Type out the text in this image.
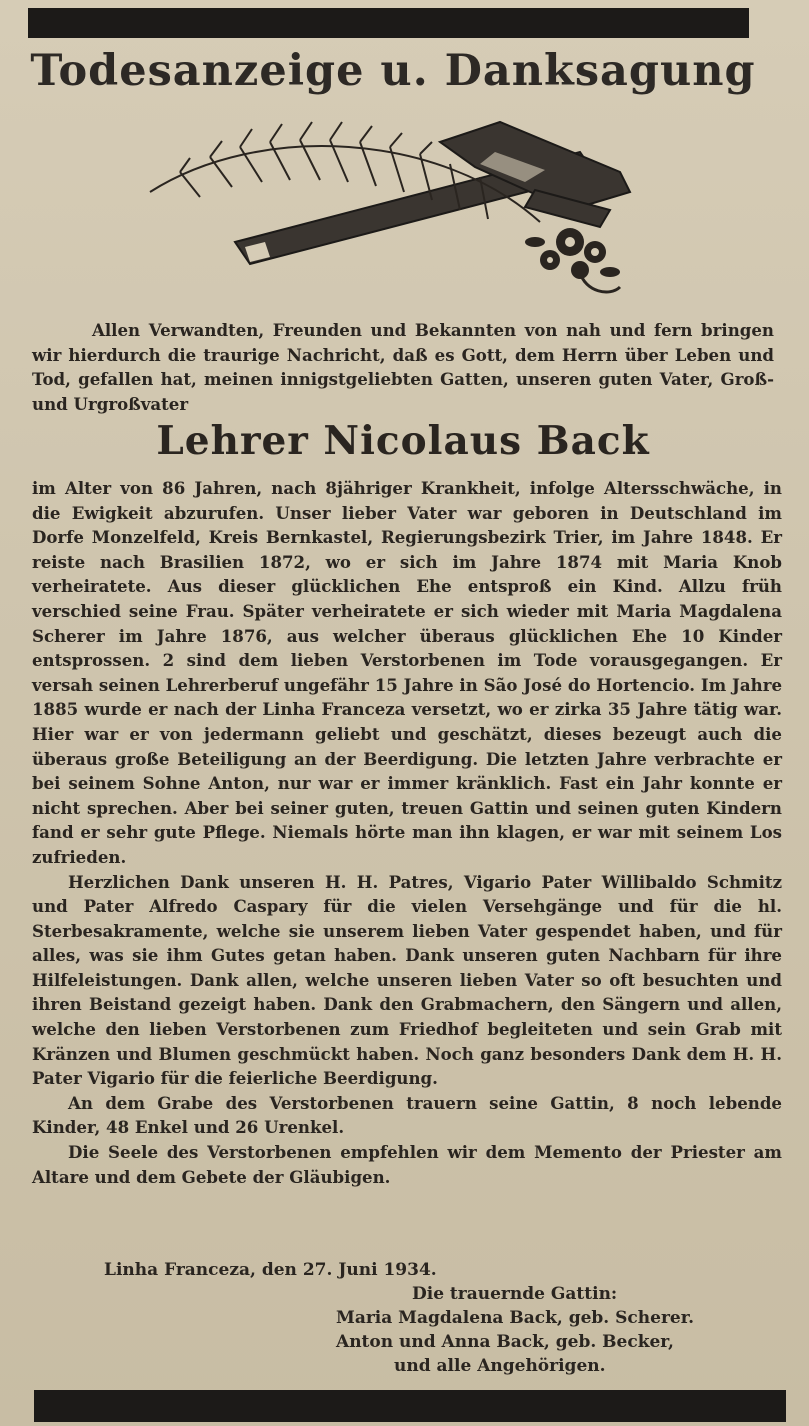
Todesanzeige u. Danksagung

Allen Verwandten, Freunden und Bekannten von nah und fern bringen wir hierdurch die traurige Nachricht, daß es Gott, dem Herrn über Leben und Tod, gefallen hat, meinen innigstgeliebten Gatten, unseren guten Vater, Groß- und Urgroßvater

Lehrer Nicolaus Back

im Alter von 86 Jahren, nach 8jähriger Krankheit, infolge Altersschwäche, in die Ewigkeit abzurufen. Unser lieber Vater war geboren in Deutschland im Dorfe Monzelfeld, Kreis Bernkastel, Regierungsbezirk Trier, im Jahre 1848. Er reiste nach Brasilien 1872, wo er sich im Jahre 1874 mit Maria Knob verheiratete. Aus dieser glücklichen Ehe entsproß ein Kind. Allzu früh verschied seine Frau. Später verheiratete er sich wieder mit Maria Magdalena Scherer im Jahre 1876, aus welcher überaus glücklichen Ehe 10 Kinder entsprossen. 2 sind dem lieben Verstorbenen im Tode vorausgegangen. Er versah seinen Lehrerberuf ungefähr 15 Jahre in São José do Hortencio. Im Jahre 1885 wurde er nach der Linha Franceza versetzt, wo er zirka 35 Jahre tätig war. Hier war er von jedermann geliebt und geschätzt, dieses bezeugt auch die überaus große Beteiligung an der Beerdigung. Die letzten Jahre verbrachte er bei seinem Sohne Anton, nur war er immer kränklich. Fast ein Jahr konnte er nicht sprechen. Aber bei seiner guten, treuen Gattin und seinen guten Kindern fand er sehr gute Pflege. Niemals hörte man ihn klagen, er war mit seinem Los zufrieden.

Herzlichen Dank unseren H. H. Patres, Vigario Pater Willibaldo Schmitz und Pater Alfredo Caspary für die vielen Versehgänge und für die hl. Sterbesakramente, welche sie unserem lieben Vater gespendet haben, und für alles, was sie ihm Gutes getan haben. Dank unseren guten Nachbarn für ihre Hilfeleistungen. Dank allen, welche unseren lieben Vater so oft besuchten und ihren Beistand gezeigt haben. Dank den Grabmachern, den Sängern und allen, welche den lieben Verstorbenen zum Friedhof begleiteten und sein Grab mit Kränzen und Blumen geschmückt haben. Noch ganz besonders Dank dem H. H. Pater Vigario für die feierliche Beerdigung.

An dem Grabe des Verstorbenen trauern seine Gattin, 8 noch lebende Kinder, 48 Enkel und 26 Urenkel.

Die Seele des Verstorbenen empfehlen wir dem Memento der Priester am Altare und dem Gebete der Gläubigen.

Linha Franceza, den 27. Juni 1934.
Die trauernde Gattin:
Maria Magdalena Back, geb. Scherer.
Anton und Anna Back, geb. Becker,
und alle Angehörigen.
